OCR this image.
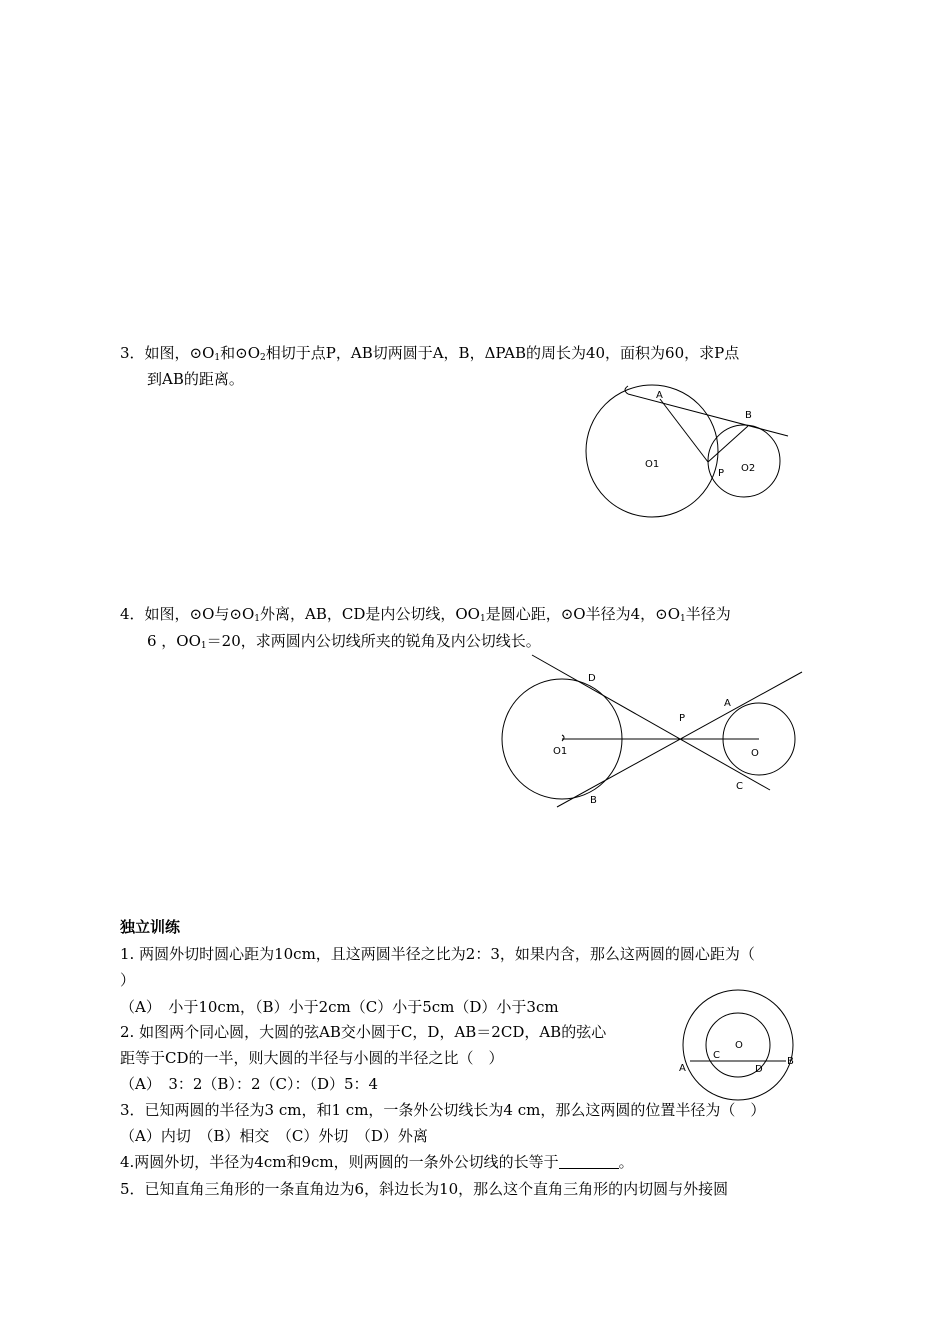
3．如图，$⊙O_1$和$⊙O_2$相切于点P，AB切两圆于A，B，ΔPAB的周长为40，面积为60，求P点
到AB的距离。
A
B
P
O1	O2
4．如图，⊙O与$⊙O_1$外离，AB，CD是内公切线，$OO_1$是圆心距，⊙O半径为4，$⊙O_1$半径为
6 ，$OO_1=20$，求两圆内公切线所夹的锐角及内公切线长。
D
B
P
A
C
O1	O
独立训练
1. 两圆外切时圆心距为10cm，且这两圆半径之比为2：3，如果内含，那么这两圆的圆心距为（
）
（A）　小于10cm，（B）小于2cm（C）小于5cm（D）小于3cm
2. 如图两个同心圆，大圆的弦AB交小圆于C，D，AB＝2CD，AB的弦心
距等于CD的一半，则大圆的半径与小圆的半径之比（　）
（A）　3：2（B）：2（C）：（D）5：4
A
C
O
D
B
3．已知两圆的半径为3 cm，和1 cm，一条外公切线长为4 cm，那么这两圆的位置半径为（　）
（A）内切　（B）相交　（C）外切　（D）外离
4.两圆外切，半径为4cm和9cm，则两圆的一条外公切线的长等于	。
5．已知直角三角形的一条直角边为6，斜边长为10，那么这个直角三角形的内切圆与外接圆
